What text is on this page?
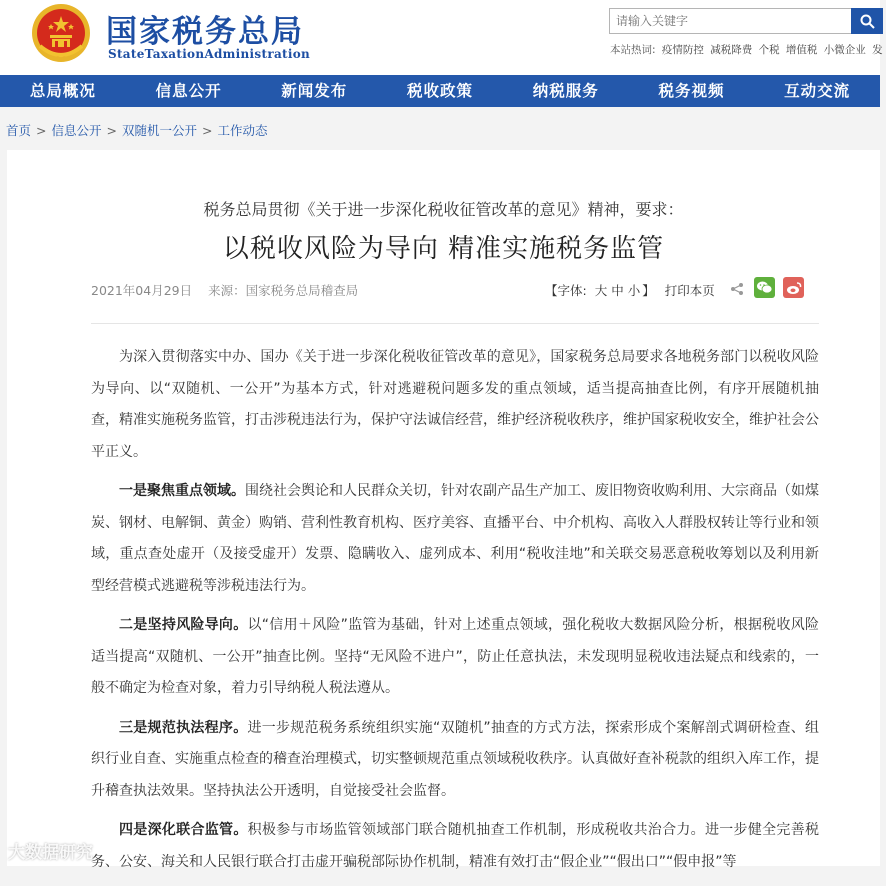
国家税务总局
StateTaxationAdministration
请输入关键字	本站热词: 疫情防控 减税降费 个税 增值税 小微企业 发
总局概况	信息公开	新闻发布	税收政策	纳税服务	税务视频	互动交流
首页 > 信息公开 > 双随机一公开 > 工作动态
税务总局贯彻《关于进一步深化税收征管改革的意见》精神，要求：
以税收风险为导向 精准实施税务监管
2021年04月29日 来源：国家税务总局稽查局	【字体: 大 中 小 】 打印本页

为深入贯彻落实中办、国办《关于进一步深化税收征管改革的意见》，国家税务总局要求各地税务部门以税收风险为导向、以“双随机、一公开”为基本方式，针对逃避税问题多发的重点领域，适当提高抽查比例，有序开展随机抽查，精准实施税务监管，打击涉税违法行为，保护守法诚信经营，维护经济税收秩序，维护国家税收安全，维护社会公平正义。

一是聚焦重点领域。围绕社会舆论和人民群众关切，针对农副产品生产加工、废旧物资收购利用、大宗商品（如煤炭、钢材、电解铜、黄金）购销、营利性教育机构、医疗美容、直播平台、中介机构、高收入人群股权转让等行业和领域，重点查处虚开（及接受虚开）发票、隐瞒收入、虚列成本、利用“税收洼地”和关联交易恶意税收筹划以及利用新型经营模式逃避税等涉税违法行为。

二是坚持风险导向。以“信用＋风险”监管为基础，针对上述重点领域，强化税收大数据风险分析，根据税收风险适当提高“双随机、一公开”抽查比例。坚持“无风险不进户”，防止任意执法，未发现明显税收违法疑点和线索的，一般不确定为检查对象，着力引导纳税人税法遵从。

三是规范执法程序。进一步规范税务系统组织实施“双随机”抽查的方式方法，探索形成个案解剖式调研检查、组织行业自查、实施重点检查的稽查治理模式，切实整顿规范重点领域税收秩序。认真做好查补税款的组织入库工作，提升稽查执法效果。坚持执法公开透明，自觉接受社会监督。

四是深化联合监管。积极参与市场监管领域部门联合随机抽查工作机制，形成税收共治合力。进一步健全完善税务、公安、海关和人民银行联合打击虚开骗税部际协作机制，精准有效打击“假企业”“假出口”“假申报”等

大数据研究
